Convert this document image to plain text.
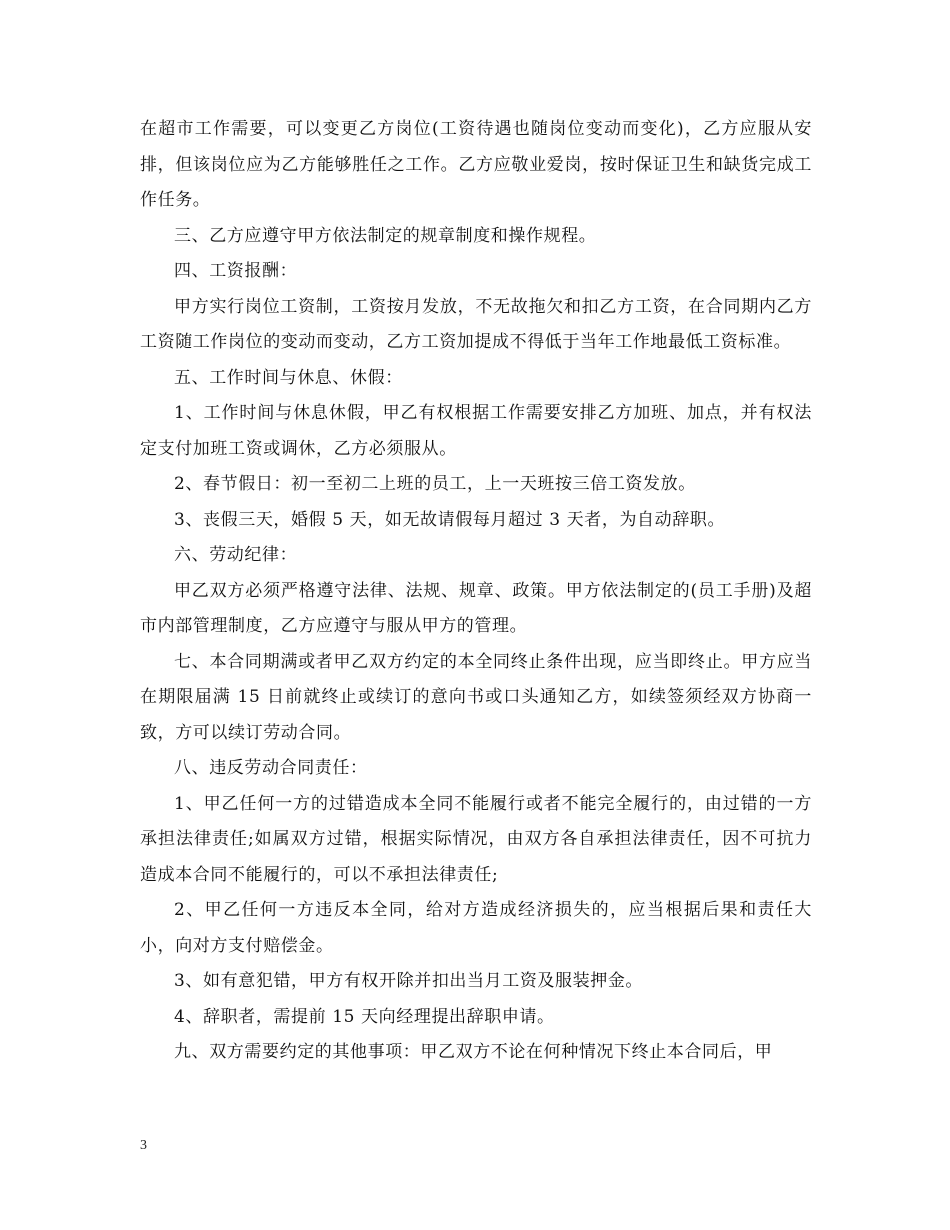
在超市工作需要，可以变更乙方岗位(工资待遇也随岗位变动而变化)，乙方应服从安排，但该岗位应为乙方能够胜任之工作。乙方应敬业爱岗，按时保证卫生和缺货完成工作任务。

三、乙方应遵守甲方依法制定的规章制度和操作规程。

四、工资报酬：

甲方实行岗位工资制，工资按月发放，不无故拖欠和扣乙方工资，在合同期内乙方工资随工作岗位的变动而变动，乙方工资加提成不得低于当年工作地最低工资标准。

五、工作时间与休息、休假：

1、工作时间与休息休假，甲乙有权根据工作需要安排乙方加班、加点，并有权法定支付加班工资或调休，乙方必须服从。

2、春节假日：初一至初二上班的员工，上一天班按三倍工资发放。

3、丧假三天，婚假 5 天，如无故请假每月超过 3 天者，为自动辞职。

六、劳动纪律：

甲乙双方必须严格遵守法律、法规、规章、政策。甲方依法制定的(员工手册)及超市内部管理制度，乙方应遵守与服从甲方的管理。

七、本合同期满或者甲乙双方约定的本全同终止条件出现，应当即终止。甲方应当在期限届满 15 日前就终止或续订的意向书或口头通知乙方，如续签须经双方协商一致，方可以续订劳动合同。

八、违反劳动合同责任：

1、甲乙任何一方的过错造成本全同不能履行或者不能完全履行的，由过错的一方承担法律责任;如属双方过错，根据实际情况，由双方各自承担法律责任，因不可抗力造成本合同不能履行的，可以不承担法律责任;

2、甲乙任何一方违反本全同，给对方造成经济损失的，应当根据后果和责任大小，向对方支付赔偿金。

3、如有意犯错，甲方有权开除并扣出当月工资及服装押金。

4、辞职者，需提前 15 天向经理提出辞职申请。

九、双方需要约定的其他事项：甲乙双方不论在何种情况下终止本合同后，甲

3
